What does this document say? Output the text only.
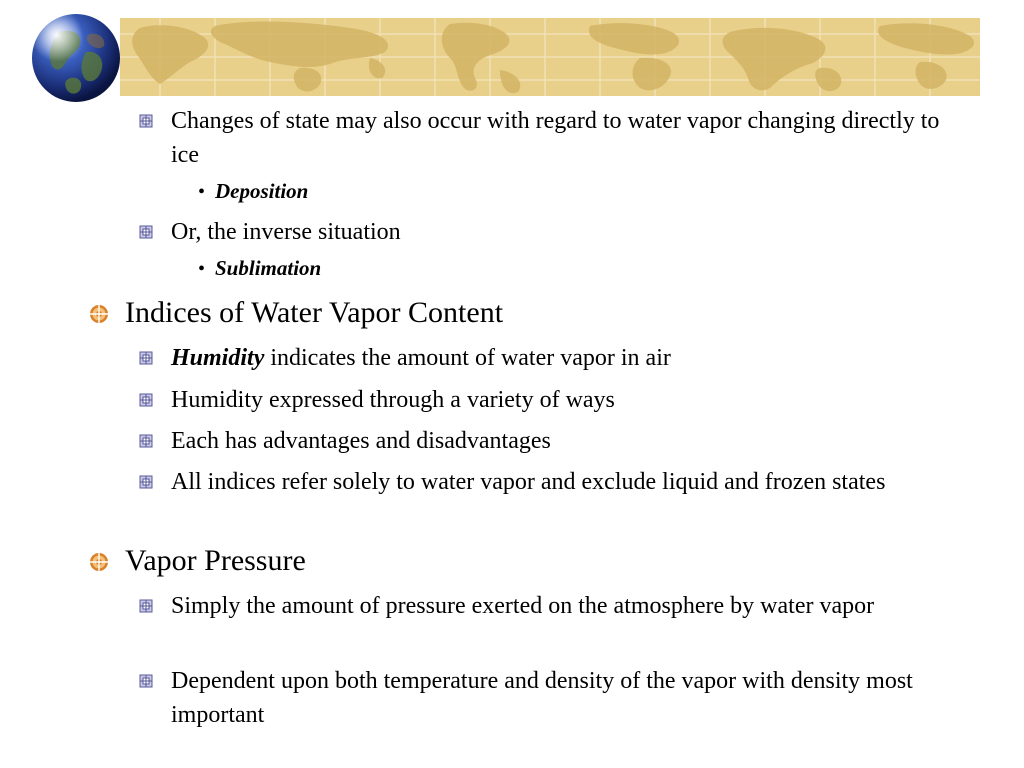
Changes of state may also occur with regard to water vapor changing directly to ice
• Deposition
Or, the inverse situation
• Sublimation
Indices of Water Vapor Content
Humidity indicates the amount of water vapor in air
Humidity expressed through a variety of ways
Each has advantages and disadvantages
All indices refer solely to water vapor and exclude liquid and frozen states
Vapor Pressure
Simply the amount of pressure exerted on the atmosphere by water vapor
Dependent upon both temperature and density of the vapor with density most important
